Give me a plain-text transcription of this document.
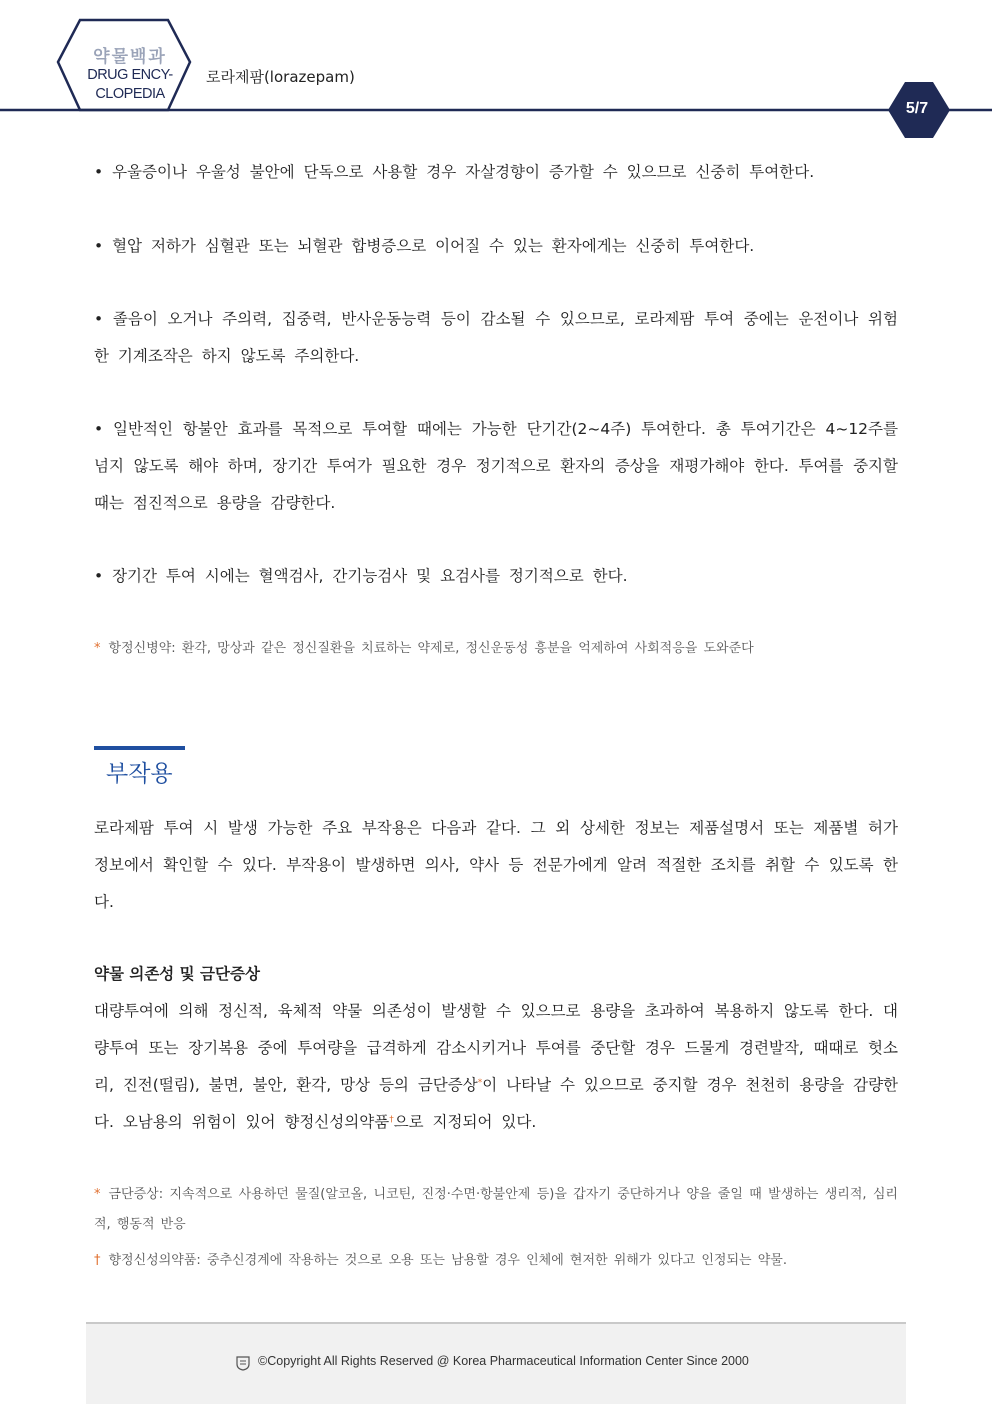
약물백과
DRUG ENCY-
CLOPEDIA
로라제팜(lorazepam)
5/7
• 우울증이나 우울성 불안에 단독으로 사용할 경우 자살경향이 증가할 수 있으므로 신중히 투여한다.
• 혈압 저하가 심혈관 또는 뇌혈관 합병증으로 이어질 수 있는 환자에게는 신중히 투여한다.
• 졸음이 오거나 주의력, 집중력, 반사운동능력 등이 감소될 수 있으므로, 로라제팜 투여 중에는 운전이나 위험한 기계조작은 하지 않도록 주의한다.
• 일반적인 항불안 효과를 목적으로 투여할 때에는 가능한 단기간(2~4주) 투여한다. 총 투여기간은 4~12주를 넘지 않도록 해야 하며, 장기간 투여가 필요한 경우 정기적으로 환자의 증상을 재평가해야 한다. 투여를 중지할 때는 점진적으로 용량을 감량한다.
• 장기간 투여 시에는 혈액검사, 간기능검사 및 요검사를 정기적으로 한다.
* 항정신병약: 환각, 망상과 같은 정신질환을 치료하는 약제로, 정신운동성 흥분을 억제하여 사회적응을 도와준다
로라제팜 투여 시 발생 가능한 주요 부작용은 다음과 같다. 그 외 상세한 정보는 제품설명서 또는 제품별 허가정보에서 확인할 수 있다. 부작용이 발생하면 의사, 약사 등 전문가에게 알려 적절한 조치를 취할 수 있도록 한다.
약물 의존성 및 금단증상
대량투여에 의해 정신적, 육체적 약물 의존성이 발생할 수 있으므로 용량을 초과하여 복용하지 않도록 한다. 대량투여 또는 장기복용 중에 투여량을 급격하게 감소시키거나 투여를 중단할 경우 드물게 경련발작, 때때로 헛소리, 진전(떨림), 불면, 불안, 환각, 망상 등의 금단증상*이 나타날 수 있으므로 중지할 경우 천천히 용량을 감량한다. 오남용의 위험이 있어 향정신성의약품†으로 지정되어 있다.
* 금단증상: 지속적으로 사용하던 물질(알코올, 니코틴, 진정·수면·항불안제 등)을 갑자기 중단하거나 양을 줄일 때 발생하는 생리적, 심리적, 행동적 반응
† 향정신성의약품: 중추신경계에 작용하는 것으로 오용 또는 남용할 경우 인체에 현저한 위해가 있다고 인정되는 약물.
부작용
©Copyright All Rights Reserved @ Korea Pharmaceutical Information Center Since 2000
